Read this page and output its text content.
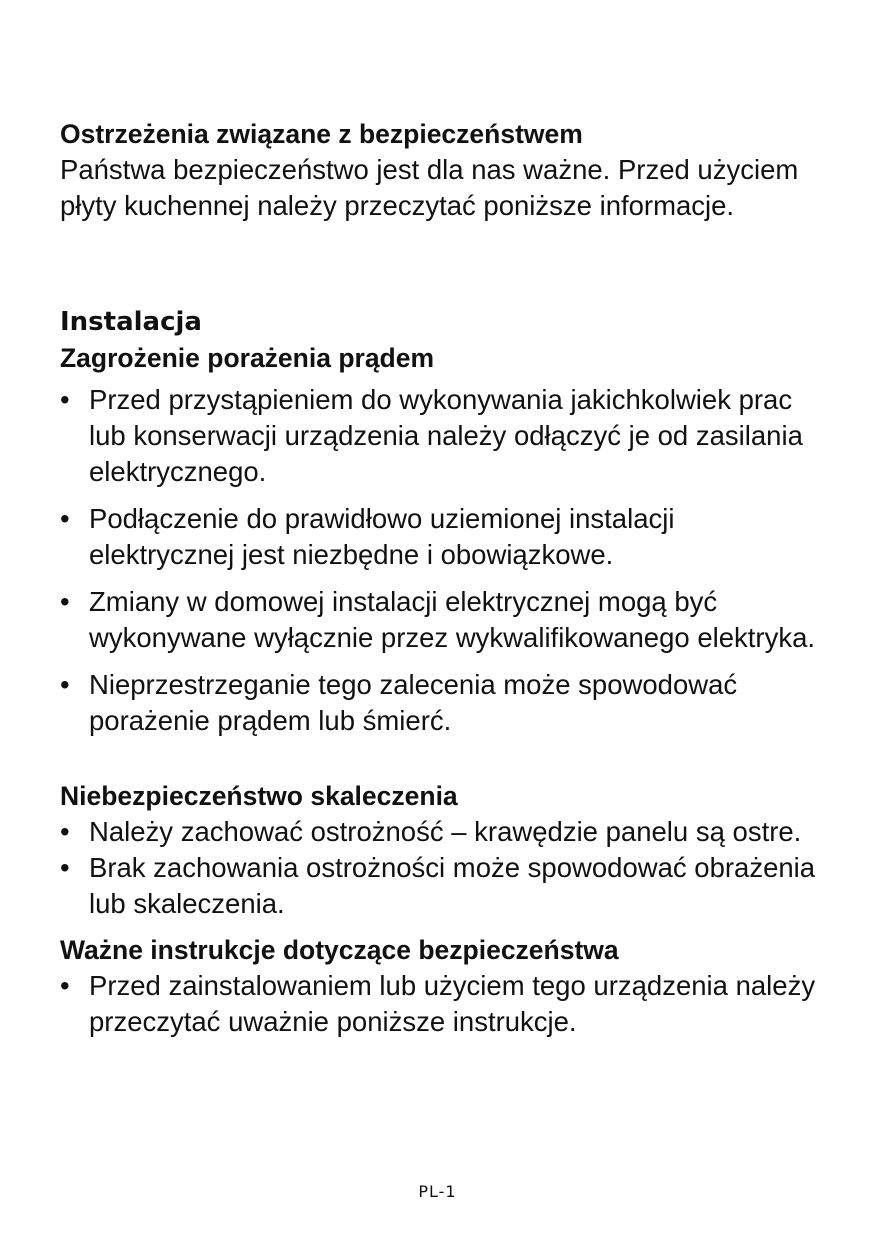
Ostrzeżenia związane z bezpieczeństwem

Państwa bezpieczeństwo jest dla nas ważne. Przed użyciem płyty kuchennej należy przeczytać poniższe informacje.

Instalacja

Zagrożenie porażenia prądem

• Przed przystąpieniem do wykonywania jakichkolwiek prac lub konserwacji urządzenia należy odłączyć je od zasilania elektrycznego.
• Podłączenie do prawidłowo uziemionej instalacji elektrycznej jest niezbędne i obowiązkowe.
• Zmiany w domowej instalacji elektrycznej mogą być wykonywane wyłącznie przez wykwalifikowanego elektryka.
• Nieprzestrzeganie tego zalecenia może spowodować porażenie prądem lub śmierć.

Niebezpieczeństwo skaleczenia

• Należy zachować ostrożność – krawędzie panelu są ostre.
• Brak zachowania ostrożności może spowodować obrażenia lub skaleczenia.

Ważne instrukcje dotyczące bezpieczeństwa

• Przed zainstalowaniem lub użyciem tego urządzenia należy przeczytać uważnie poniższe instrukcje.
PL-1
